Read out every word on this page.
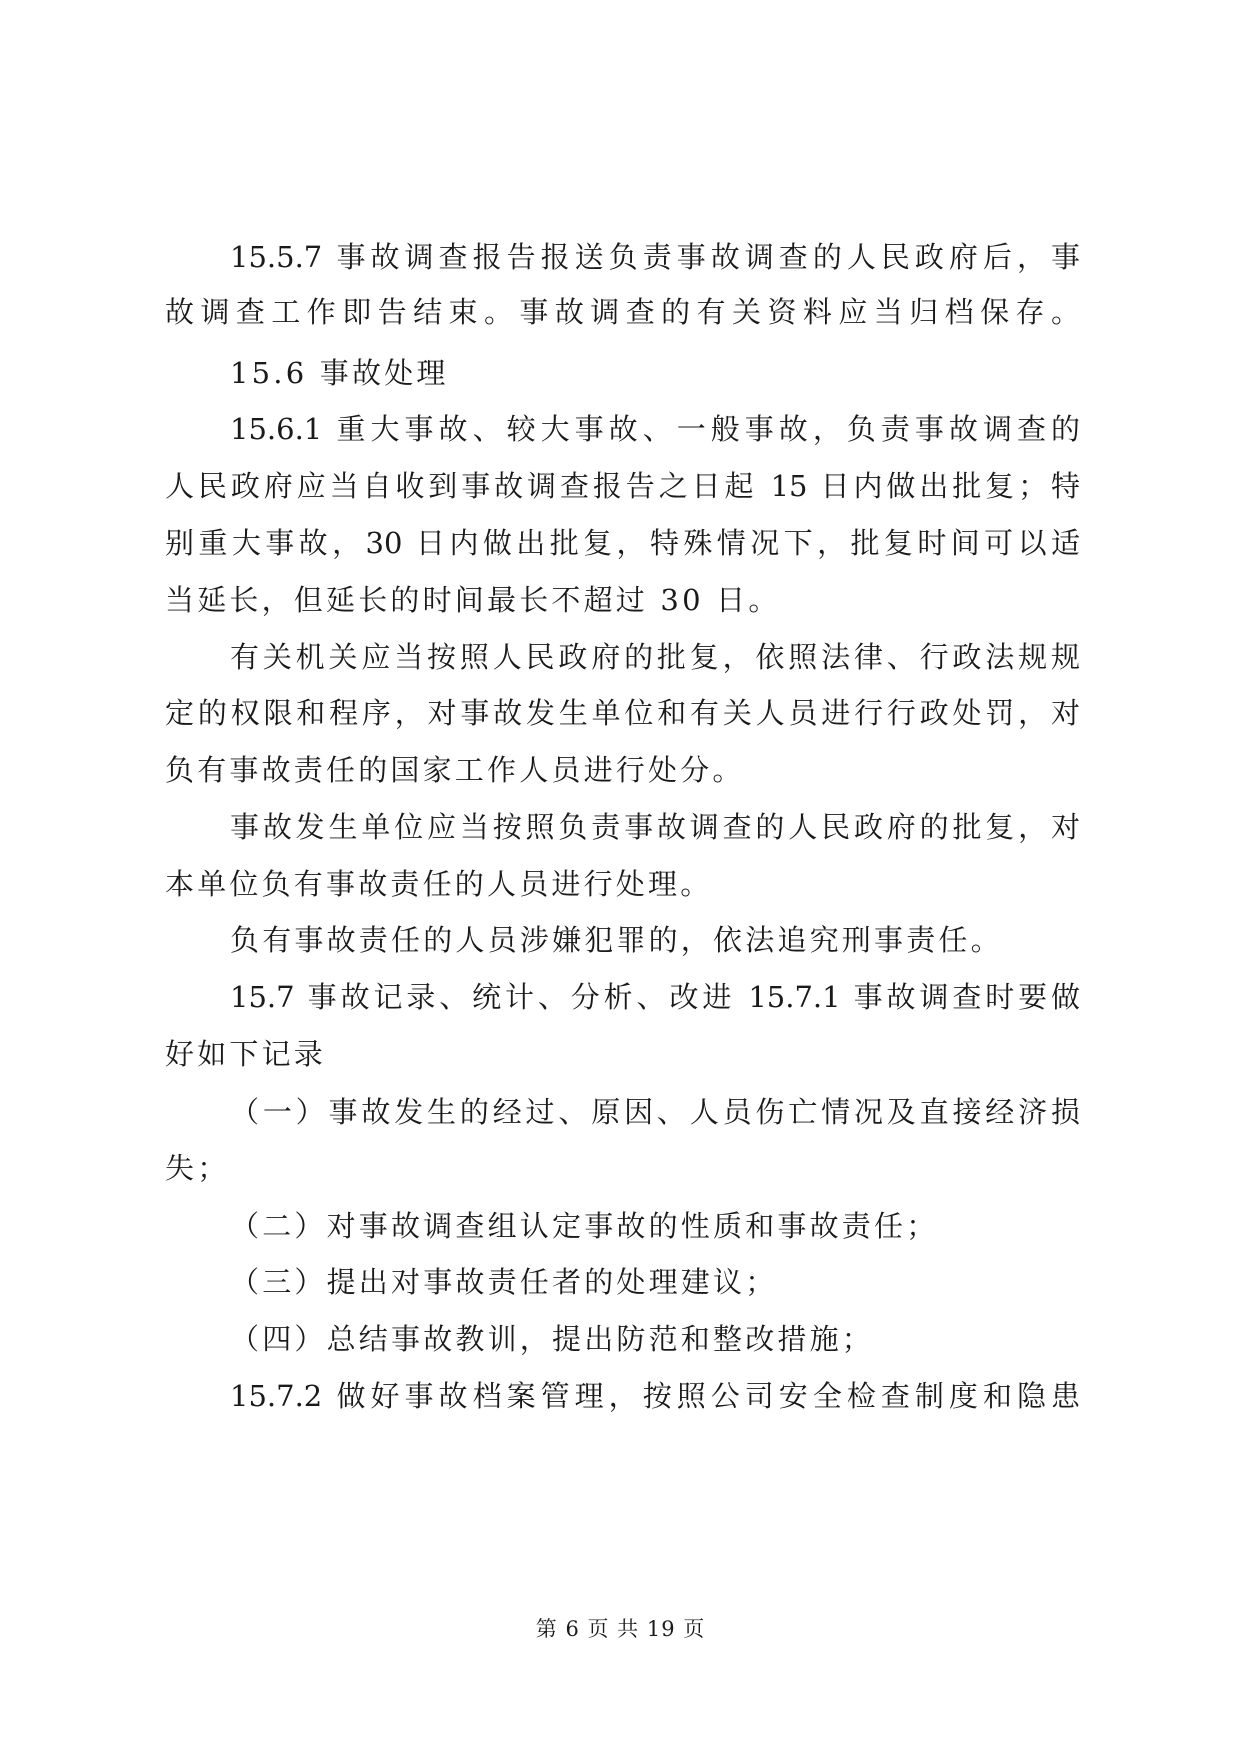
15.5.7 事故调查报告报送负责事故调查的人民政府后，事
故调查工作即告结束。事故调查的有关资料应当归档保存。
15.6 事故处理
15.6.1 重大事故、较大事故、一般事故，负责事故调查的
人民政府应当自收到事故调查报告之日起 15 日内做出批复；特
别重大事故，30 日内做出批复，特殊情况下，批复时间可以适
当延长，但延长的时间最长不超过 30 日。
有关机关应当按照人民政府的批复，依照法律、行政法规规
定的权限和程序，对事故发生单位和有关人员进行行政处罚，对
负有事故责任的国家工作人员进行处分。
事故发生单位应当按照负责事故调查的人民政府的批复，对
本单位负有事故责任的人员进行处理。
负有事故责任的人员涉嫌犯罪的，依法追究刑事责任。
15.7 事故记录、统计、分析、改进 15.7.1 事故调查时要做
好如下记录
（一）事故发生的经过、原因、人员伤亡情况及直接经济损
失；
（二）对事故调查组认定事故的性质和事故责任；
（三）提出对事故责任者的处理建议；
（四）总结事故教训，提出防范和整改措施；
15.7.2 做好事故档案管理，按照公司安全检查制度和隐患
第 6 页 共 19 页
